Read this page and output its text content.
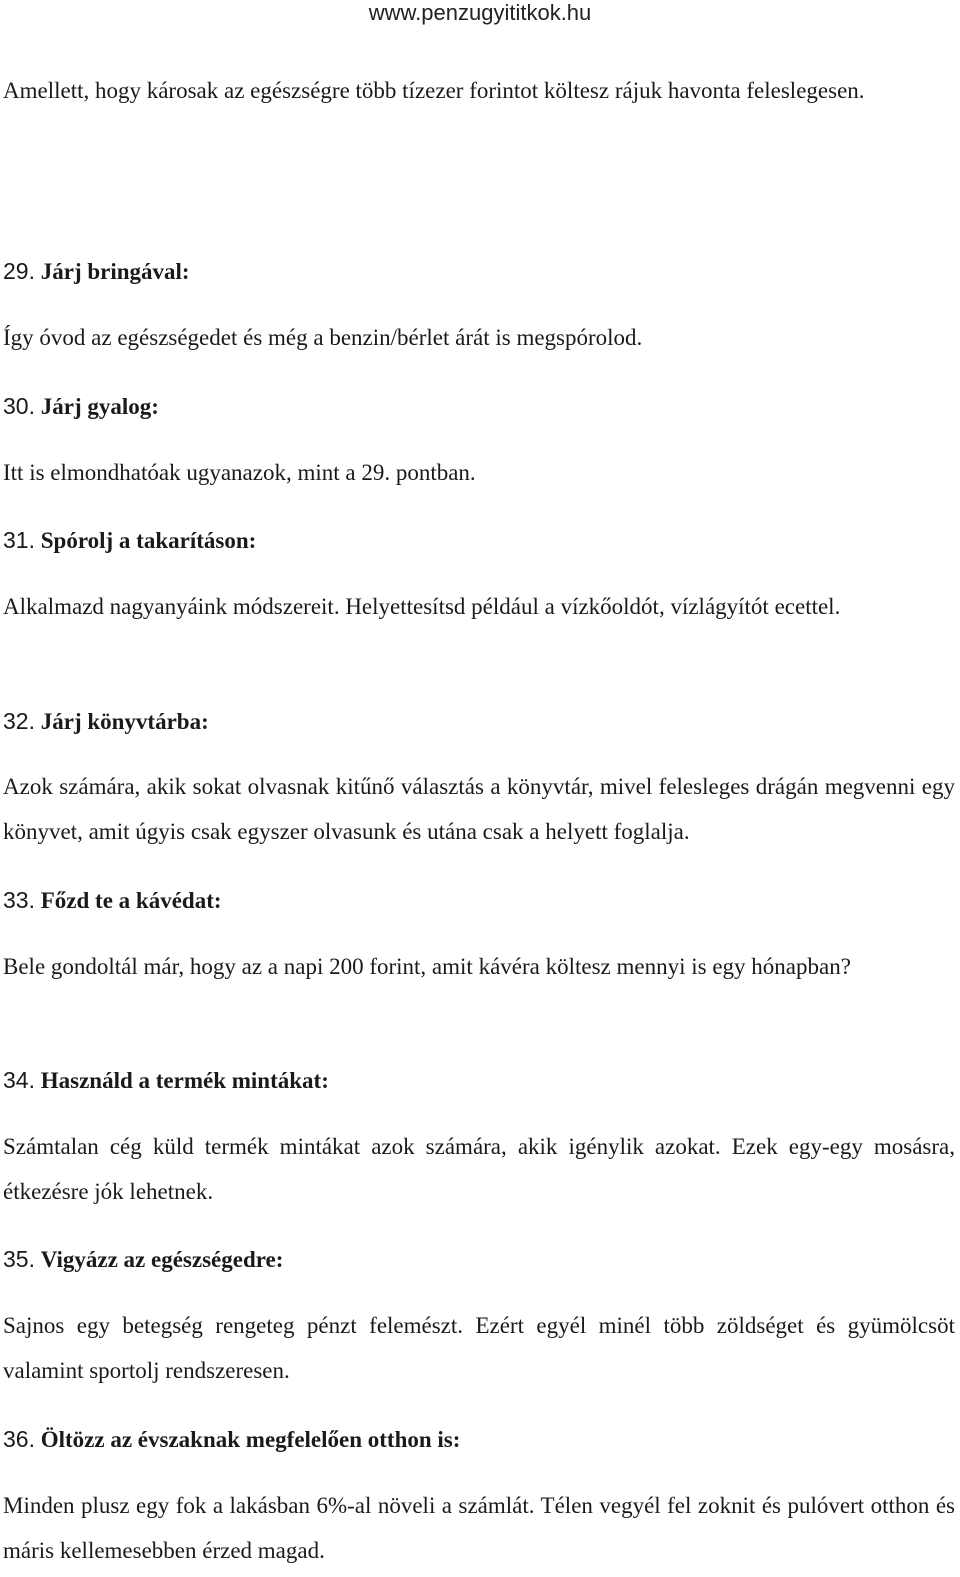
www.penzugyititkok.hu

Amellett, hogy károsak az egészségre több tízezer forintot költesz rájuk havonta feleslegesen.

29. Járj bringával:

Így óvod az egészségedet és még a benzin/bérlet árát is megspórolod.

30. Járj gyalog:

Itt is elmondhatóak ugyanazok, mint a 29. pontban.

31. Spórolj a takarításon:

Alkalmazd nagyanyáink módszereit. Helyettesítsd például a vízkőoldót, vízlágyítót ecettel.

32. Járj könyvtárba:

Azok számára, akik sokat olvasnak kitűnő választás a könyvtár, mivel felesleges drágán megvenni egy könyvet, amit úgyis csak egyszer olvasunk és utána csak a helyett foglalja.

33. Főzd te a kávédat:

Bele gondoltál már, hogy az a napi 200 forint, amit kávéra költesz mennyi is egy hónapban?

34. Használd a termék mintákat:

Számtalan cég küld termék mintákat azok számára, akik igénylik azokat. Ezek egy-egy mosásra, étkezésre jók lehetnek.

35. Vigyázz az egészségedre:

Sajnos egy betegség rengeteg pénzt felemészt. Ezért egyél minél több zöldséget és gyümölcsöt valamint sportolj rendszeresen.

36. Öltözz az évszaknak megfelelően otthon is:

Minden plusz egy fok a lakásban 6%-al növeli a számlát. Télen vegyél fel zoknit és pulóvert otthon és máris kellemesebben érzed magad.
